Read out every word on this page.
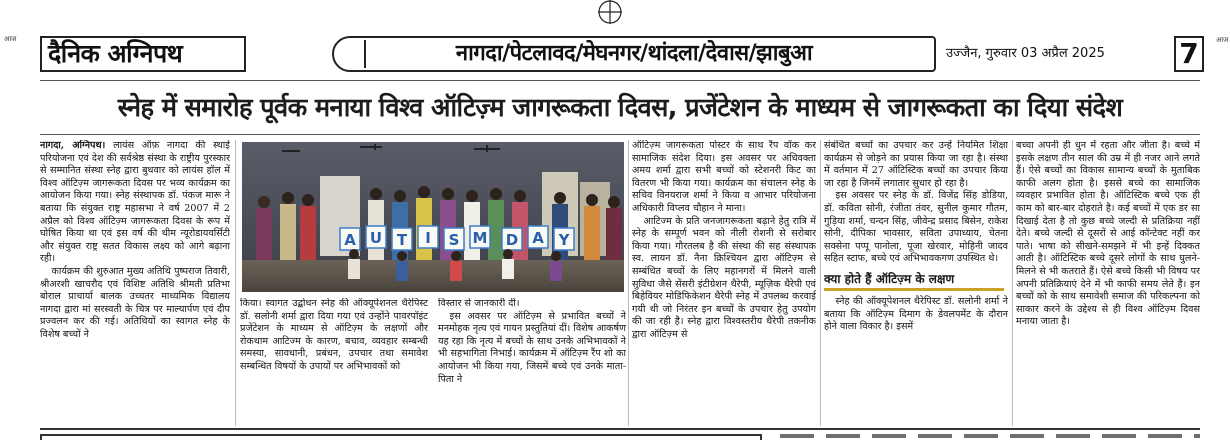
आज	आज
दैनिक अग्निपथ	नागदा/पेटलावद/मेघनगर/थांदला/देवास/झाबुआ	उज्जैन, गुरुवार 03 अप्रैल 2025	7
स्नेह में समारोह पूर्वक मनाया विश्व ऑटिज़्म जागरूकता दिवस, प्रजेंटेशन के माध्यम से जागरूकता का दिया संदेश
A U T I S M D A Y

नागदा, अग्निपथ। लायंस ऑफ़ नागदा की स्थाई परियोजना एवं देश की सर्वश्रेष्ठ संस्था के राष्ट्रीय पुरस्कार से सम्मानित संस्था स्नेह द्वारा बुधवार को लायंस हॉल में विश्व ऑटिज़्म जागरूकता दिवस पर भव्य कार्यक्रम का आयोजन किया गया। स्नेह संस्थापक डॉ. पंकज मारू ने बताया कि संयुक्त राष्ट्र महासभा ने वर्ष 2007 में 2 अप्रैल को विश्व ऑटिज़्म जागरूकता दिवस के रूप में घोषित किया था एवं इस वर्ष की थीम न्यूरोडायवर्सिटी और संयुक्त राष्ट्र सतत विकास लक्ष्य को आगे बढ़ाना रही।

कार्यक्रम की शुरुआत मुख्य अतिथि पुष्पराज तिवारी, श्रीअरशी खाचरौद एवं विशिष्ट अतिथि श्रीमती प्रतिभा बोराल प्राचार्या बालक उच्चतर माध्यमिक विद्यालय नागदा द्वारा मां सरस्वती के चित्र पर माल्यार्पण एवं दीप प्रज्वलन कर की गई। अतिथियों का स्वागत स्नेह के विशेष बच्चों ने

किया। स्वागत उद्बोधन स्नेह की ऑक्यूपेशनल थैरेपिस्ट डॉ. सलोनी शर्मा द्वारा दिया गया एवं उन्होंने पावरपॉइंट प्रजेंटेशन के माध्यम से ऑटिज़्म के लक्षणों और रोकथाम आटिज्म के कारण, बचाव, व्यवहार सम्बन्धी समस्या, सावधानी, प्रबंधन, उपचार तथा समावेश सम्बन्धित विषयों के उपायों पर अभिभावकों को

विस्तार से जानकारी दी।

इस अवसर पर ऑटिज़्म से प्रभावित बच्चों ने मनमोहक नृत्य एवं गायन प्रस्तुतियां दीं। विशेष आकर्षण यह रहा कि नृत्य में बच्चों के साथ उनके अभिभावकों ने भी सहभागिता निभाई। कार्यक्रम में ऑटिज़्म रैंप शो का आयोजन भी किया गया, जिसमें बच्चे एवं उनके माता-पिता ने

ऑटिज़्म जागरूकता पोस्टर के साथ रैंप वॉक कर सामाजिक संदेश दिया। इस अवसर पर अधिवक्ता अमय शर्मा द्वारा सभी बच्चों को स्टेशनरी किट का वितरण भी किया गया। कार्यक्रम का संचालन स्नेह के सचिव विनयराज शर्मा ने किया व आभार परियोजना अधिकारी विप्लव चौहान ने माना।

आटिज्म के प्रति जनजागरूकता बढ़ाने हेतु रात्रि में स्नेह के सम्पूर्ण भवन को नीली रोशनी से सरोबार किया गया। गौरतलब है की संस्था की सह संस्थापक स्व. लायन डॉ. नैना क्रिश्चियन द्वारा ऑटिज़्म से सम्बंधित बच्चों के लिए महानगरों में मिलने वाली सुविधा जैसे सेंसरी इंटीग्रेशन थैरेपी, म्यूज़िक थैरेपी एवं बिहेवियर मोडिफिकेशन थैरेपी स्नेह में उपलब्ध करवाई गयी थी जो निरंतर इन बच्चों के उपचार हेतु उपयोग की जा रही है। स्नेह द्वारा विश्वस्तरीय थैरेपी तकनीक द्वारा ऑटिज़्म से

संबंधित बच्चों का उपचार कर उन्हें नियमित शिक्षा कार्यक्रम से जोड़ने का प्रयास किया जा रहा है। संस्था में वर्तमान में 27 ऑटिस्टिक बच्चों का उपचार किया जा रहा है जिनमें लगातार सुधार हो रहा है।

इस अवसर पर स्नेह के डॉ. विजेंद्र सिंह डोडिया, डॉ. कविता सोनी, रंजीता तंवर, सुनील कुमार गौतम, गुड़िया शर्मा, चन्दन सिंह, जीवेन्द्र प्रसाद बिसेन, राकेश सोनी, दीपिका भावसार, सविता उपाध्याय, चेतना सक्सेना पप्पू पानोला, पूजा खेरवार, मोहिनी जादव सहित स्टाफ, बच्चे एवं अभिभावकगण उपस्थित थे।

क्या होते हैं ऑटिज़्म के लक्षण

स्नेह की ऑक्यूपेशनल थैरेपिस्ट डॉ. सलोनी शर्मा ने बताया कि ऑटिज़्म दिमाग के डेवलपमेंट के दौरान होने वाला विकार है। इसमें

बच्चा अपनी ही धुन में रहता और जीता है। बच्चे में इसके लक्षण तीन साल की उम्र में ही नजर आने लगते हैं। ऐसे बच्चों का विकास सामान्य बच्चों के मुताबिक काफी अलग होता है। इससे बच्चे का सामाजिक व्यवहार प्रभावित होता है। ऑटिस्टिक बच्चे एक ही काम को बार-बार दोहराते है। कई बच्चों में एक डर सा दिखाई देता है तो कुछ बच्चे जल्दी से प्रतिक्रिया नहीं देते। बच्चे जल्दी से दूसरों से आई कॉन्टेक्ट नहीं कर पाते। भाषा को सीखने-समझने में भी इन्हें दिक्कत आती है। ऑटिस्टिक बच्चे दूसरे लोगों के साथ घुलने-मिलने से भी कतराते हैं। ऐसे बच्चे किसी भी विषय पर अपनी प्रतिक्रियाएं देने में भी काफी समय लेते हैं। इन बच्चों को के साथ समावेशी समाज की परिकल्पना को साकार करने के उद्देश्य से ही विश्व ऑटिज़्म दिवस मनाया जाता है।
